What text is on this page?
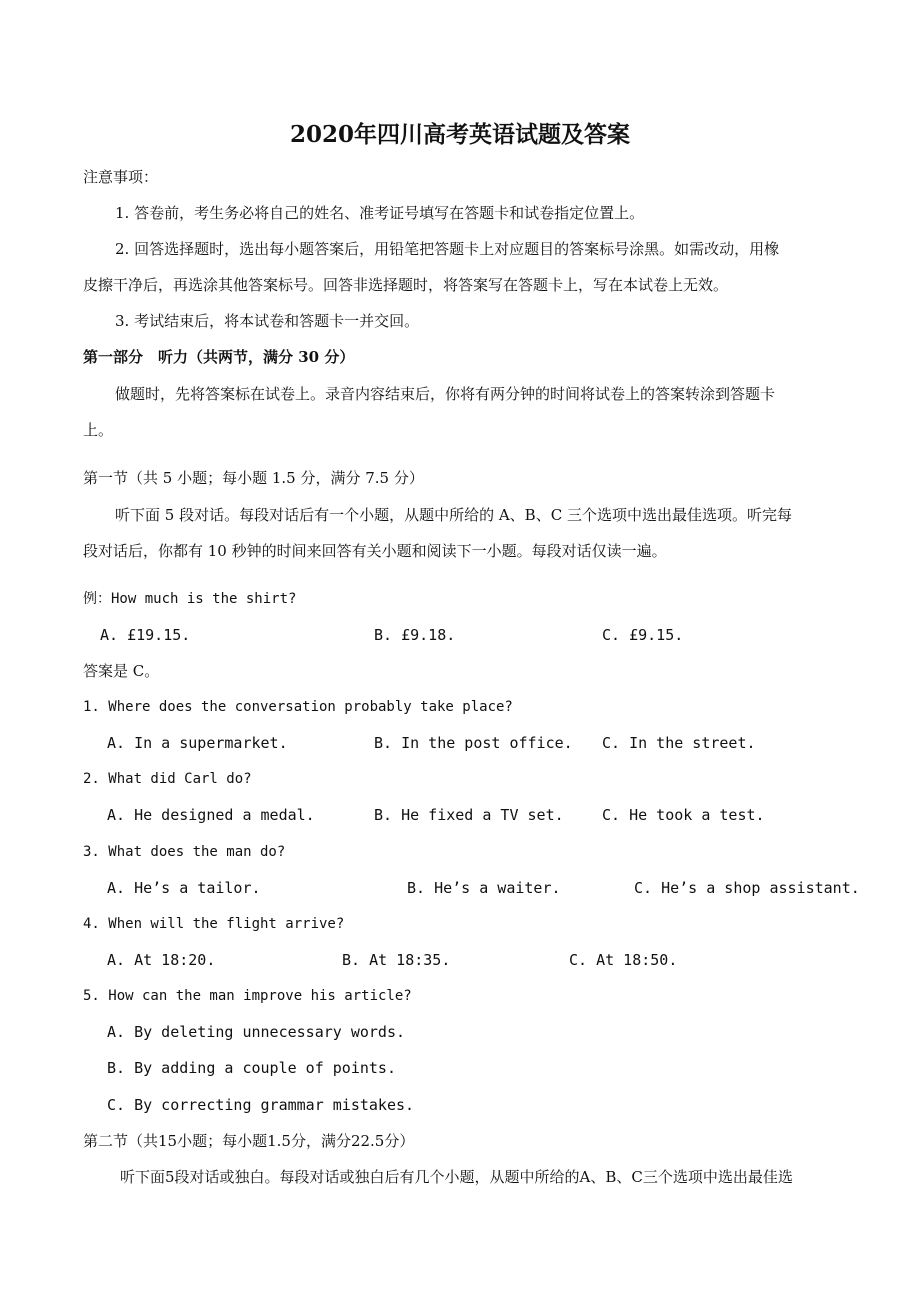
2020年四川高考英语试题及答案
注意事项：
1. 答卷前，考生务必将自己的姓名、准考证号填写在答题卡和试卷指定位置上。
2. 回答选择题时，选出每小题答案后，用铅笔把答题卡上对应题目的答案标号涂黑。如需改动，用橡
皮擦干净后，再选涂其他答案标号。回答非选择题时，将答案写在答题卡上，写在本试卷上无效。
3. 考试结束后，将本试卷和答题卡一并交回。
第一部分　听力（共两节，满分 30 分）
做题时，先将答案标在试卷上。录音内容结束后，你将有两分钟的时间将试卷上的答案转涂到答题卡
上。
第一节（共 5 小题；每小题 1.5 分，满分 7.5 分）
听下面 5 段对话。每段对话后有一个小题，从题中所给的 A、B、C 三个选项中选出最佳选项。听完每
段对话后，你都有 10 秒钟的时间来回答有关小题和阅读下一小题。每段对话仅读一遍。
例：How much is the shirt?
A. £19.15.	B. £9.18.	C. £9.15.
答案是 C。
1. Where does the conversation probably take place?
A. In a supermarket.	B. In the post office. C. In the street.
2. What did Carl do?
A. He designed a medal.	B. He fixed a TV set.	C. He took a test.
3. What does the man do?
A. He’s a tailor.	B. He’s a waiter.	C. He’s a shop assistant.
4. When will the flight arrive?
A. At 18:20.	B. At 18:35.	C. At 18:50.
5. How can the man improve his article?
A. By deleting unnecessary words.
B. By adding a couple of points.
C. By correcting grammar mistakes.
第二节（共15小题；每小题1.5分，满分22.5分）
听下面5段对话或独白。每段对话或独白后有几个小题，从题中所给的A、B、C三个选项中选出最佳选
